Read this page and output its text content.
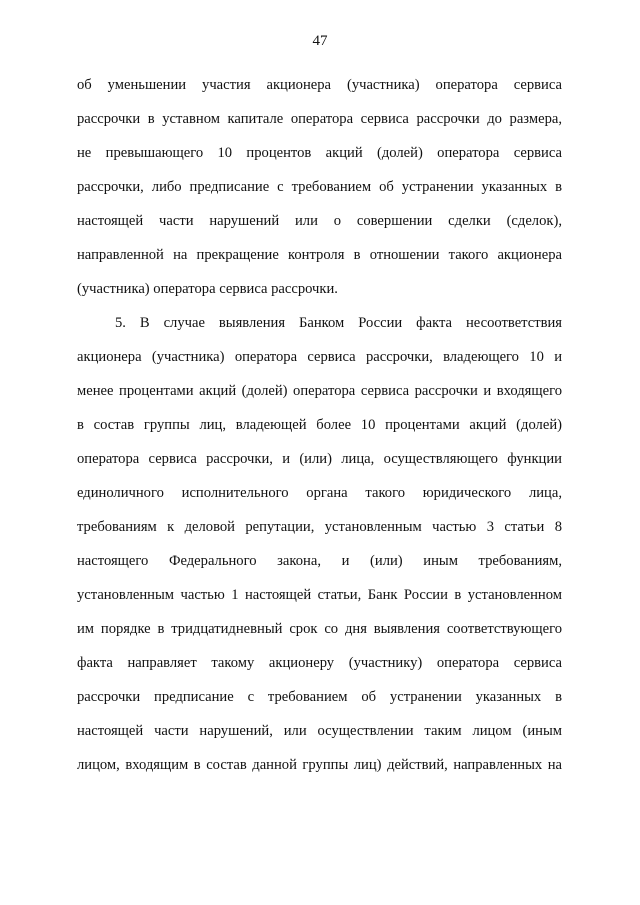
47
об уменьшении участия акционера (участника) оператора сервиса
рассрочки в уставном капитале оператора сервиса рассрочки до размера,
не превышающего 10 процентов акций (долей) оператора сервиса
рассрочки, либо предписание с требованием об устранении указанных в
настоящей части нарушений или о совершении сделки (сделок),
направленной на прекращение контроля в отношении такого акционера
(участника) оператора сервиса рассрочки.
5. В случае выявления Банком России факта несоответствия
акционера (участника) оператора сервиса рассрочки, владеющего 10 и
менее процентами акций (долей) оператора сервиса рассрочки и входящего
в состав группы лиц, владеющей более 10 процентами акций (долей)
оператора сервиса рассрочки, и (или) лица, осуществляющего функции
единоличного исполнительного органа такого юридического лица,
требованиям к деловой репутации, установленным частью 3 статьи 8
настоящего Федерального закона, и (или) иным требованиям,
установленным частью 1 настоящей статьи, Банк России в установленном
им порядке в тридцатидневный срок со дня выявления соответствующего
факта направляет такому акционеру (участнику) оператора сервиса
рассрочки предписание с требованием об устранении указанных в
настоящей части нарушений, или осуществлении таким лицом (иным
лицом, входящим в состав данной группы лиц) действий, направленных на
